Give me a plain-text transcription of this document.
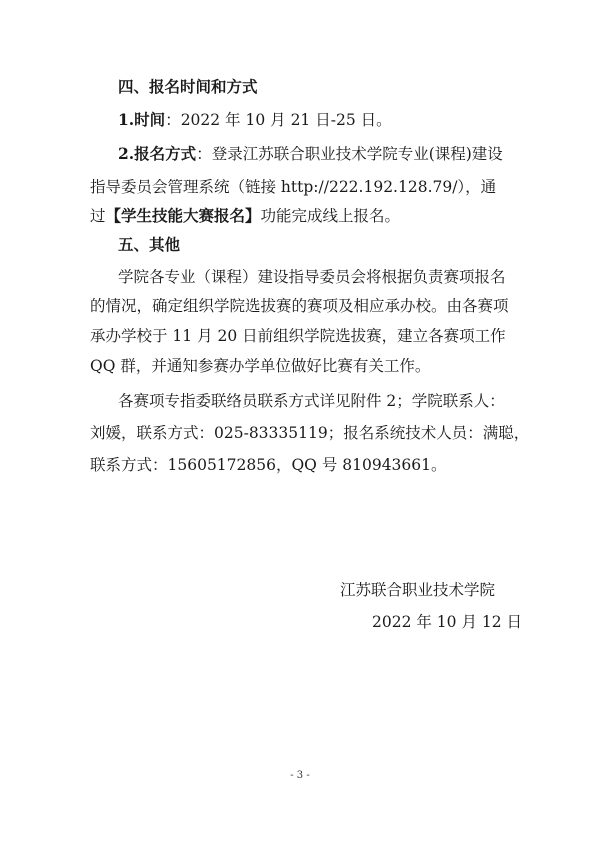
四、报名时间和方式
1.时间：2022 年 10 月 21 日-25 日。
2.报名方式：登录江苏联合职业技术学院专业(课程)建设
指导委员会管理系统（链接 http://222.192.128.79/），通
过【学生技能大赛报名】功能完成线上报名。
五、其他
学院各专业（课程）建设指导委员会将根据负责赛项报名
的情况，确定组织学院选拔赛的赛项及相应承办校。由各赛项
承办学校于 11 月 20 日前组织学院选拔赛，建立各赛项工作
QQ 群，并通知参赛办学单位做好比赛有关工作。
各赛项专指委联络员联系方式详见附件 2；学院联系人：
刘媛，联系方式：025-83335119；报名系统技术人员：满聪，
联系方式：15605172856，QQ 号 810943661。
江苏联合职业技术学院
2022 年 10 月 12 日
- 3 -
